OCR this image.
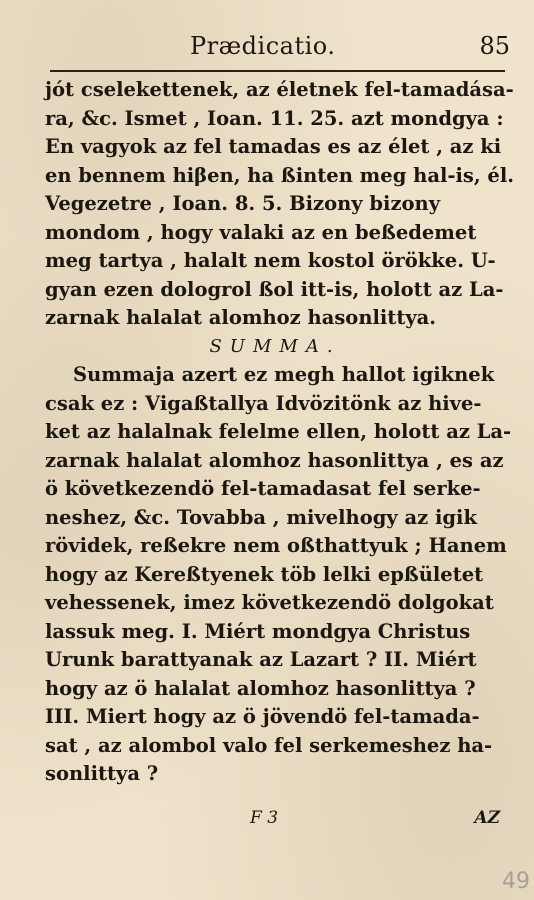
Prædicatio.	85
jót cselekettenek, az életnek fel-tamadása-
ra, &c. Ismet , Ioan. 11. 25. azt mondgya :
En vagyok az fel tamadas es az élet , az ki
en bennem hiβen, ha ßinten meg hal-is, él.
Vegezetre , Ioan. 8. 5. Bizony bizony
mondom , hogy valaki az en beßedemet
meg tartya , halalt nem kostol örökke. U-
gyan ezen dologrol ßol itt-is, holott az La-
zarnak halalat alomhoz hasonlittya.
SUMMA.
Summaja azert ez megh hallot igiknek
csak ez : Vigaßtallya Idvözitönk az hive-
ket az halalnak felelme ellen, holott az La-
zarnak halalat alomhoz hasonlittya , es az
ö következendö fel-tamadasat fel serke-
neshez, &c. Tovabba , mivelhogy az igik
rövidek, reßekre nem oßthattyuk ; Hanem
hogy az Kereßtyenek töb lelki epßületet
vehessenek, imez következendö dolgokat
lassuk meg. I. Miért mondgya Christus
Urunk barattyanak az Lazart ? II. Miért
hogy az ö halalat alomhoz hasonlittya ?
III. Miert hogy az ö jövendö fel-tamada-
sat , az alombol valo fel serkemeshez ha-
sonlittya ?
F 3	AZ
49
